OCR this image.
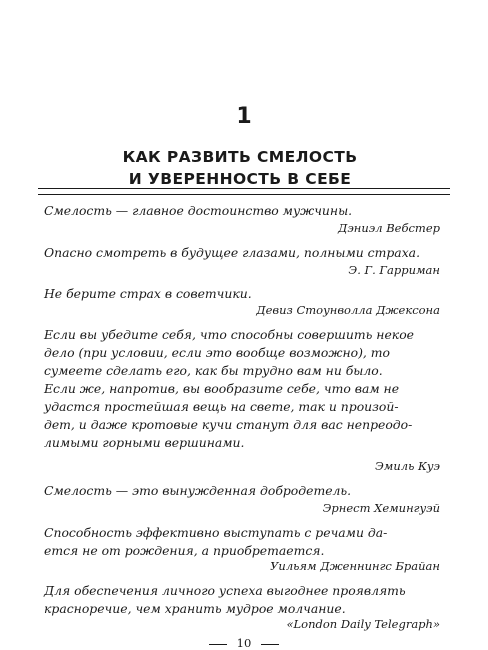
1
КАК РАЗВИТЬ СМЕЛОСТЬ
И УВЕРЕННОСТЬ В СЕБЕ
Смелость — главное достоинство мужчины.
Дэниэл Вебстер
Опасно смотреть в будущее глазами, полными страха.
Э. Г. Гарриман
Не берите страх в советчики.
Девиз Стоунволла Джексона
Если вы убедите себя, что способны совершить некое
дело (при условии, если это вообще возможно), то
сумеете сделать его, как бы трудно вам ни было.
Если же, напротив, вы вообразите себе, что вам не
удастся простейшая вещь на свете, так и произой-
дет, и даже кротовые кучи станут для вас непреодо-
лимыми горными вершинами.
Эмиль Куэ
Смелость — это вынужденная добродетель.
Эрнест Хемингуэй
Способность эффективно выступать с речами да-
ется не от рождения, а приобретается.
Уильям Дженнингс Брайан
Для обеспечения личного успеха выгоднее проявлять
красноречие, чем хранить мудрое молчание.
«London Daily Telegraph»
10
